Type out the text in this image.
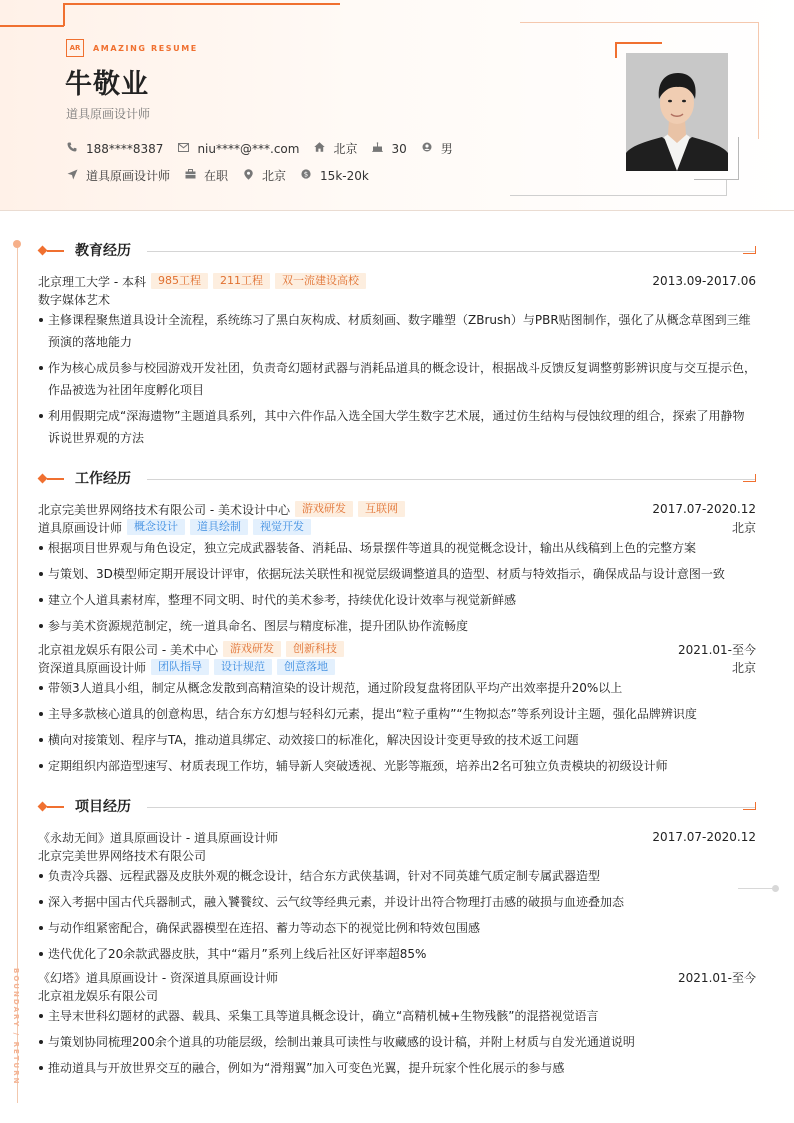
AR	AMAZING RESUME
牛敬业
道具原画设计师
188****8387	niu****@***.com	北京	30	男
道具原画设计师	在职	北京	$ 15k-20k
BOUNDARY / RETURN
教育经历
北京理工大学 - 本科	985工程	211工程	双一流建设高校	2013.09-2017.06
数字媒体艺术
主修课程聚焦道具设计全流程，系统练习了黑白灰构成、材质刻画、数字雕塑（ZBrush）与PBR贴图制作，强化了从概念草图到三维预演的落地能力
作为核心成员参与校园游戏开发社团，负责奇幻题材武器与消耗品道具的概念设计，根据战斗反馈反复调整剪影辨识度与交互提示色，作品被选为社团年度孵化项目
利用假期完成“深海遗物”主题道具系列，其中六件作品入选全国大学生数字艺术展，通过仿生结构与侵蚀纹理的组合，探索了用静物诉说世界观的方法
工作经历
北京完美世界网络技术有限公司 - 美术设计中心	游戏研发	互联网	2017.07-2020.12
道具原画设计师	概念设计	道具绘制	视觉开发	北京
根据项目世界观与角色设定，独立完成武器装备、消耗品、场景摆件等道具的视觉概念设计，输出从线稿到上色的完整方案
与策划、3D模型师定期开展设计评审，依据玩法关联性和视觉层级调整道具的造型、材质与特效指示，确保成品与设计意图一致
建立个人道具素材库，整理不同文明、时代的美术参考，持续优化设计效率与视觉新鲜感
参与美术资源规范制定，统一道具命名、图层与精度标准，提升团队协作流畅度
北京祖龙娱乐有限公司 - 美术中心	游戏研发	创新科技	2021.01-至今
资深道具原画设计师	团队指导	设计规范	创意落地	北京
带领3人道具小组，制定从概念发散到高精渲染的设计规范，通过阶段复盘将团队平均产出效率提升20%以上
主导多款核心道具的创意构思，结合东方幻想与轻科幻元素，提出“粒子重构”“生物拟态”等系列设计主题，强化品牌辨识度
横向对接策划、程序与TA，推动道具绑定、动效接口的标准化，解决因设计变更导致的技术返工问题
定期组织内部造型速写、材质表现工作坊，辅导新人突破透视、光影等瓶颈，培养出2名可独立负责模块的初级设计师
项目经历
《永劫无间》道具原画设计 - 道具原画设计师	2017.07-2020.12
北京完美世界网络技术有限公司
负责冷兵器、远程武器及皮肤外观的概念设计，结合东方武侠基调，针对不同英雄气质定制专属武器造型
深入考据中国古代兵器制式，融入饕餮纹、云气纹等经典元素，并设计出符合物理打击感的破损与血迹叠加态
与动作组紧密配合，确保武器模型在连招、蓄力等动态下的视觉比例和特效包围感
迭代优化了20余款武器皮肤，其中“霜月”系列上线后社区好评率超85%
《幻塔》道具原画设计 - 资深道具原画设计师	2021.01-至今
北京祖龙娱乐有限公司
主导末世科幻题材的武器、载具、采集工具等道具概念设计，确立“高精机械+生物残骸”的混搭视觉语言
与策划协同梳理200余个道具的功能层级，绘制出兼具可读性与收藏感的设计稿，并附上材质与自发光通道说明
推动道具与开放世界交互的融合，例如为“滑翔翼”加入可变色光翼，提升玩家个性化展示的参与感
